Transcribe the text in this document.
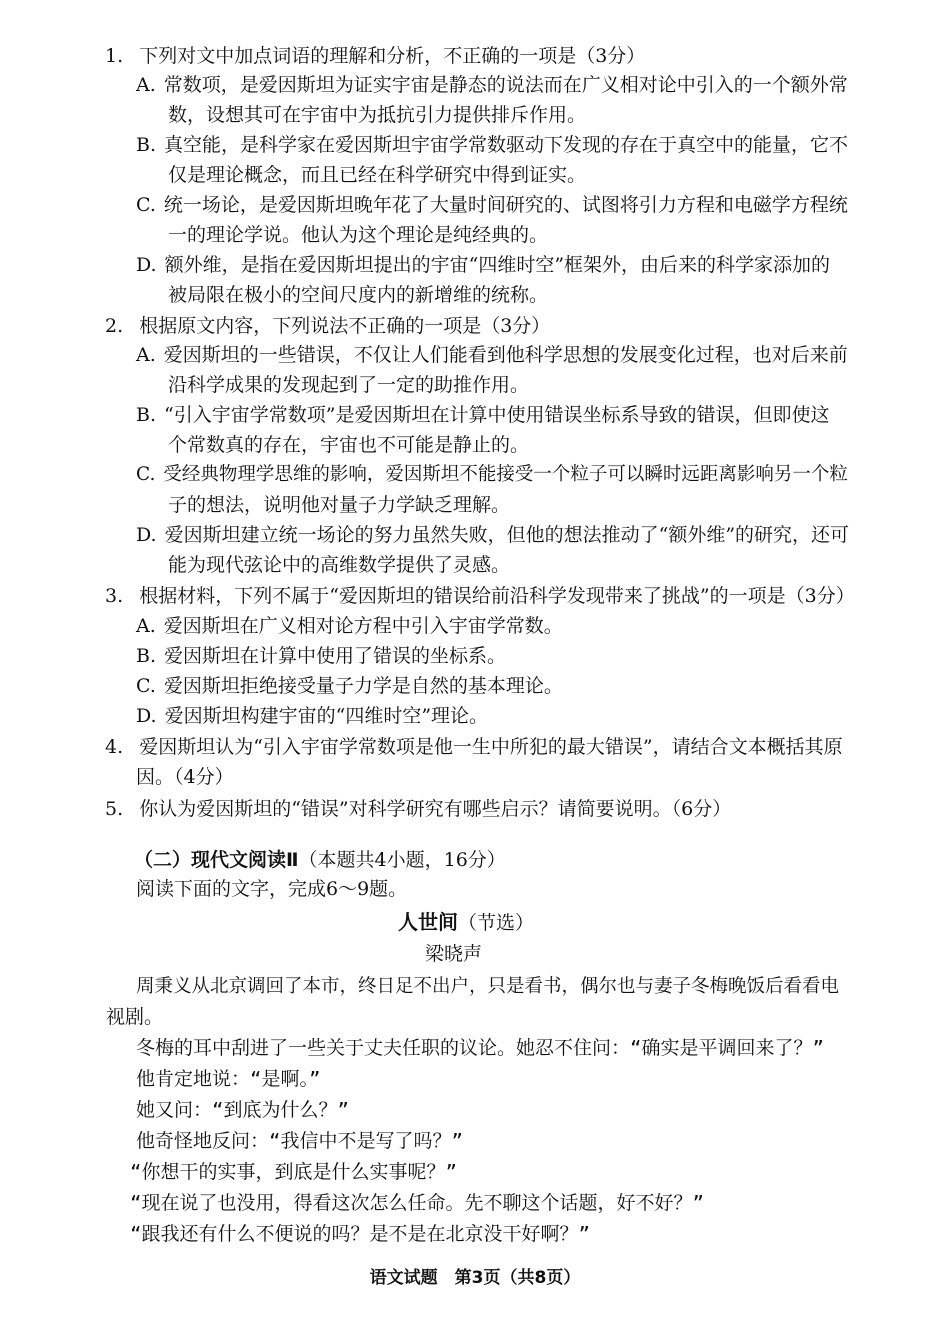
1. 下列对文中加点词语的理解和分析，不正确的一项是（3分）
A. 常数项，是爱因斯坦为证实宇宙是静态的说法而在广义相对论中引入的一个额外常
数，设想其可在宇宙中为抵抗引力提供排斥作用。
B. 真空能，是科学家在爱因斯坦宇宙学常数驱动下发现的存在于真空中的能量，它不
仅是理论概念，而且已经在科学研究中得到证实。
C. 统一场论，是爱因斯坦晚年花了大量时间研究的、试图将引力方程和电磁学方程统
一的理论学说。他认为这个理论是纯经典的。
D. 额外维，是指在爱因斯坦提出的宇宙“四维时空”框架外，由后来的科学家添加的
被局限在极小的空间尺度内的新增维的统称。
2. 根据原文内容，下列说法不正确的一项是（3分）
A. 爱因斯坦的一些错误，不仅让人们能看到他科学思想的发展变化过程，也对后来前
沿科学成果的发现起到了一定的助推作用。
B. “引入宇宙学常数项”是爱因斯坦在计算中使用错误坐标系导致的错误，但即使这
个常数真的存在，宇宙也不可能是静止的。
C. 受经典物理学思维的影响，爱因斯坦不能接受一个粒子可以瞬时远距离影响另一个粒
子的想法，说明他对量子力学缺乏理解。
D. 爱因斯坦建立统一场论的努力虽然失败，但他的想法推动了“额外维”的研究，还可
能为现代弦论中的高维数学提供了灵感。
3. 根据材料，下列不属于“爱因斯坦的错误给前沿科学发现带来了挑战”的一项是（3分）
A. 爱因斯坦在广义相对论方程中引入宇宙学常数。
B. 爱因斯坦在计算中使用了错误的坐标系。
C. 爱因斯坦拒绝接受量子力学是自然的基本理论。
D. 爱因斯坦构建宇宙的“四维时空”理论。
4. 爱因斯坦认为“引入宇宙学常数项是他一生中所犯的最大错误”，请结合文本概括其原
因。（4分）
5. 你认为爱因斯坦的“错误”对科学研究有哪些启示？请简要说明。（6分）
（二）现代文阅读Ⅱ（本题共4小题，16分）
阅读下面的文字，完成6～9题。
人世间（节选）
梁晓声
周秉义从北京调回了本市，终日足不出户，只是看书，偶尔也与妻子冬梅晚饭后看看电
视剧。
冬梅的耳中刮进了一些关于丈夫任职的议论。她忍不住问：“确实是平调回来了？”
他肯定地说：“是啊。”
她又问：“到底为什么？”
他奇怪地反问：“我信中不是写了吗？”
“你想干的实事，到底是什么实事呢？”
“现在说了也没用，得看这次怎么任命。先不聊这个话题，好不好？”
“跟我还有什么不便说的吗？是不是在北京没干好啊？”
语文试题　第3页（共8页）
